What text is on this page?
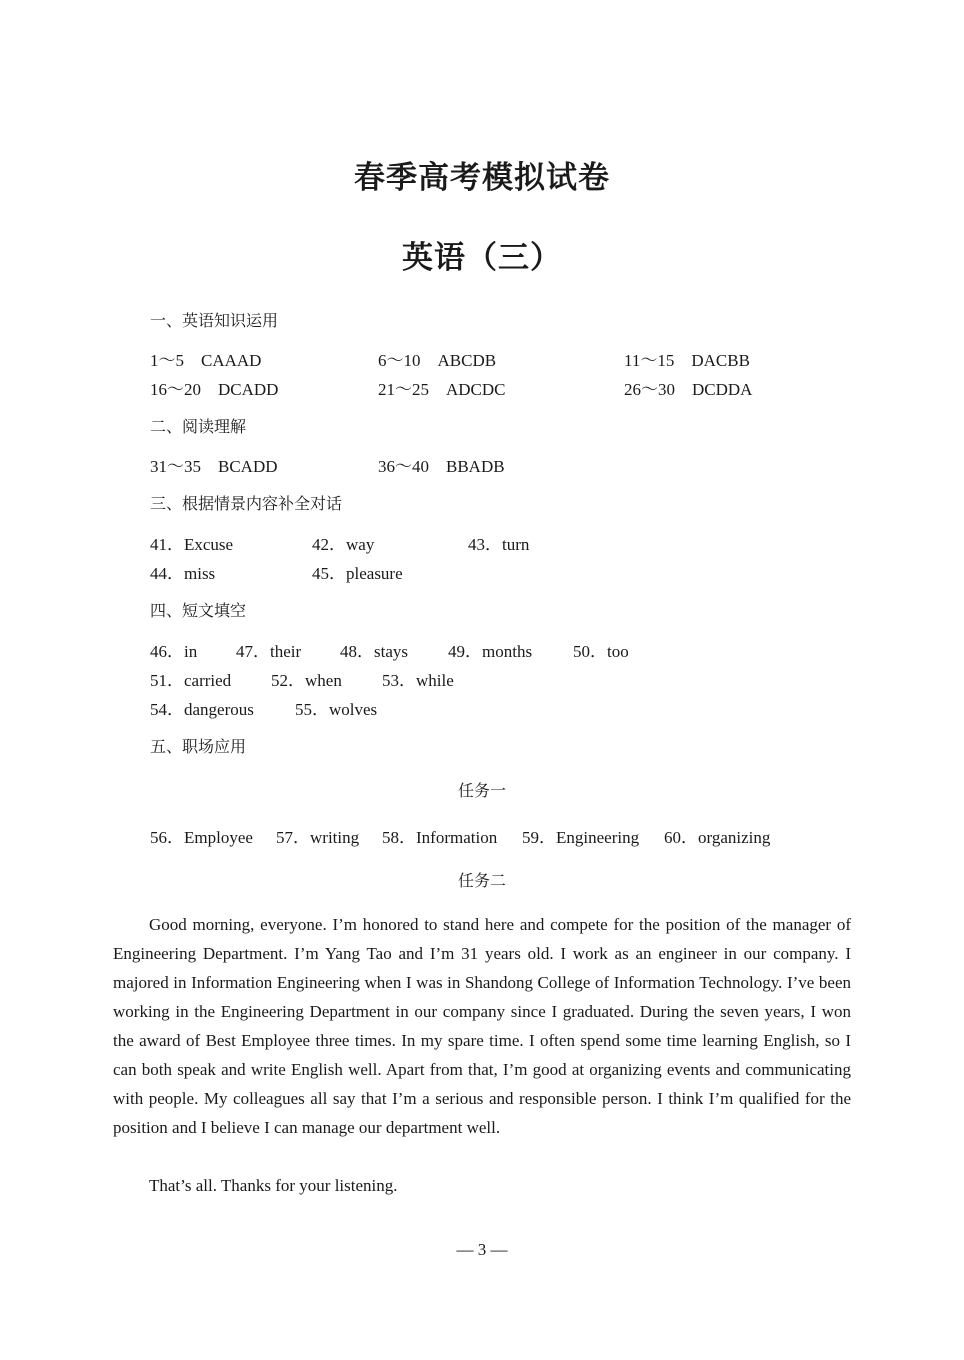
春季高考模拟试卷
英语（三）
一、英语知识运用
1～5　CAAAD	6～10　ABCDB	11～15　DACBB
16～20　DCADD	21～25　ADCDC	26～30　DCDDA
二、阅读理解
31～35　BCADD	36～40　BBADB
三、根据情景内容补全对话
41．Excuse	42．way	43．turn
44．miss	45．pleasure
四、短文填空
46．in 47．their 48．stays 49．months 50．too
51．carried 52．when 53．while
54．dangerous 55．wolves
五、职场应用
任务一
56．Employee 57．writing 58．Information 59．Engineering 60．organizing
任务二
Good morning, everyone. I’m honored to stand here and compete for the position of the manager of Engineering Department. I’m Yang Tao and I’m 31 years old. I work as an engineer in our company. I majored in Information Engineering when I was in Shandong College of Information Technology. I’ve been working in the Engineering Department in our company since I graduated. During the seven years, I won the award of Best Employee three times. In my spare time. I often spend some time learning English, so I can both speak and write English well. Apart from that, I’m good at organizing events and communicating with people. My colleagues all say that I’m a serious and responsible person. I think I’m qualified for the position and I believe I can manage our department well.
That’s all. Thanks for your listening.
— 3 —
